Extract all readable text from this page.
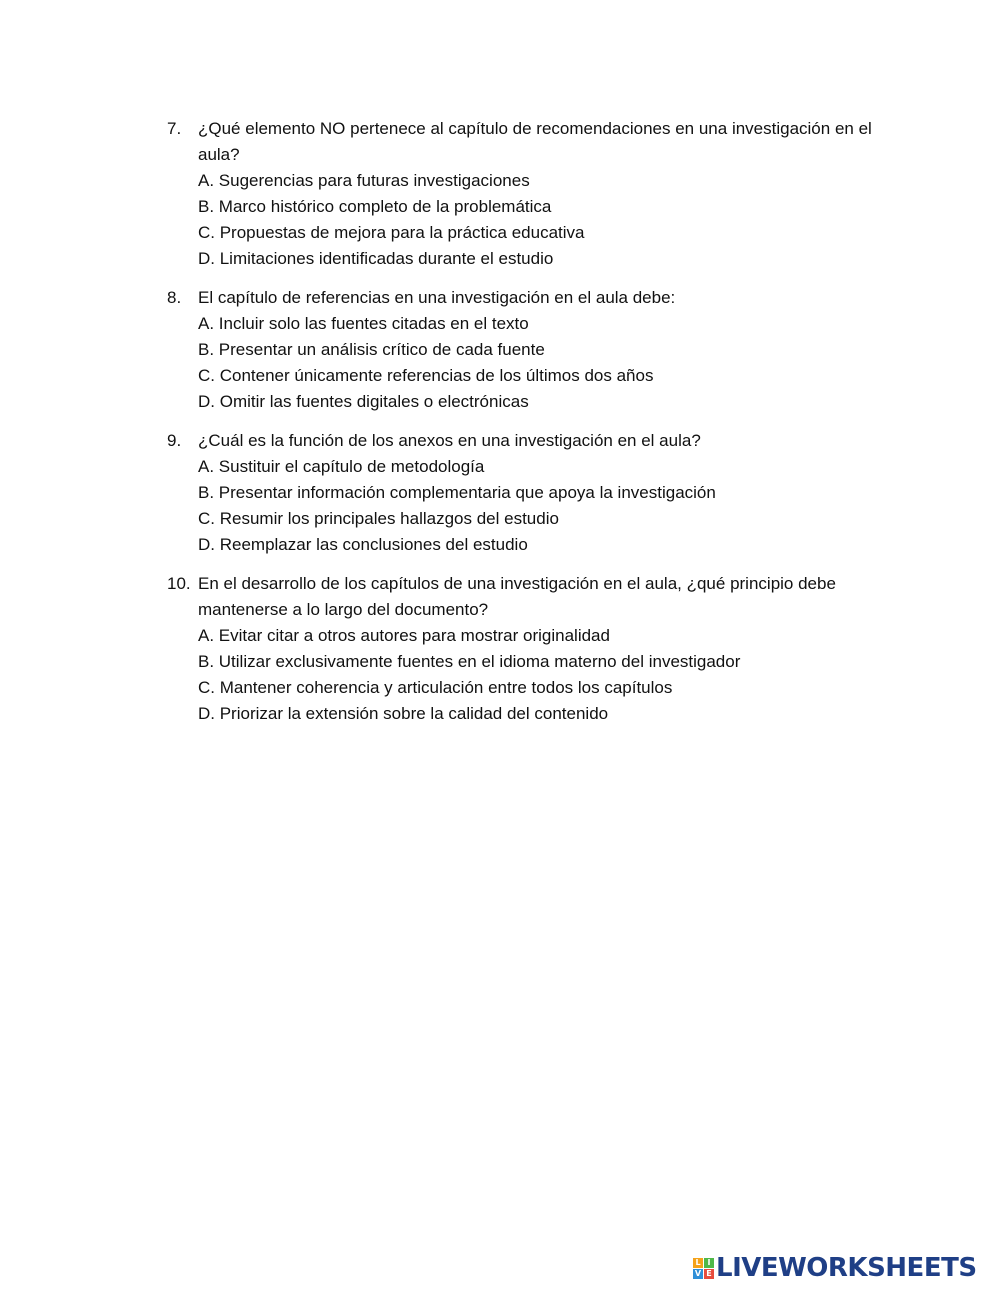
7. ¿Qué elemento NO pertenece al capítulo de recomendaciones en una investigación en el aula?
A. Sugerencias para futuras investigaciones
B. Marco histórico completo de la problemática
C. Propuestas de mejora para la práctica educativa
D. Limitaciones identificadas durante el estudio
8. El capítulo de referencias en una investigación en el aula debe:
A. Incluir solo las fuentes citadas en el texto
B. Presentar un análisis crítico de cada fuente
C. Contener únicamente referencias de los últimos dos años
D. Omitir las fuentes digitales o electrónicas
9. ¿Cuál es la función de los anexos en una investigación en el aula?
A. Sustituir el capítulo de metodología
B. Presentar información complementaria que apoya la investigación
C. Resumir los principales hallazgos del estudio
D. Reemplazar las conclusiones del estudio
10. En el desarrollo de los capítulos de una investigación en el aula, ¿qué principio debe mantenerse a lo largo del documento?
A. Evitar citar a otros autores para mostrar originalidad
B. Utilizar exclusivamente fuentes en el idioma materno del investigador
C. Mantener coherencia y articulación entre todos los capítulos
D. Priorizar la extensión sobre la calidad del contenido
L I
V E LIVEWORKSHEETS
